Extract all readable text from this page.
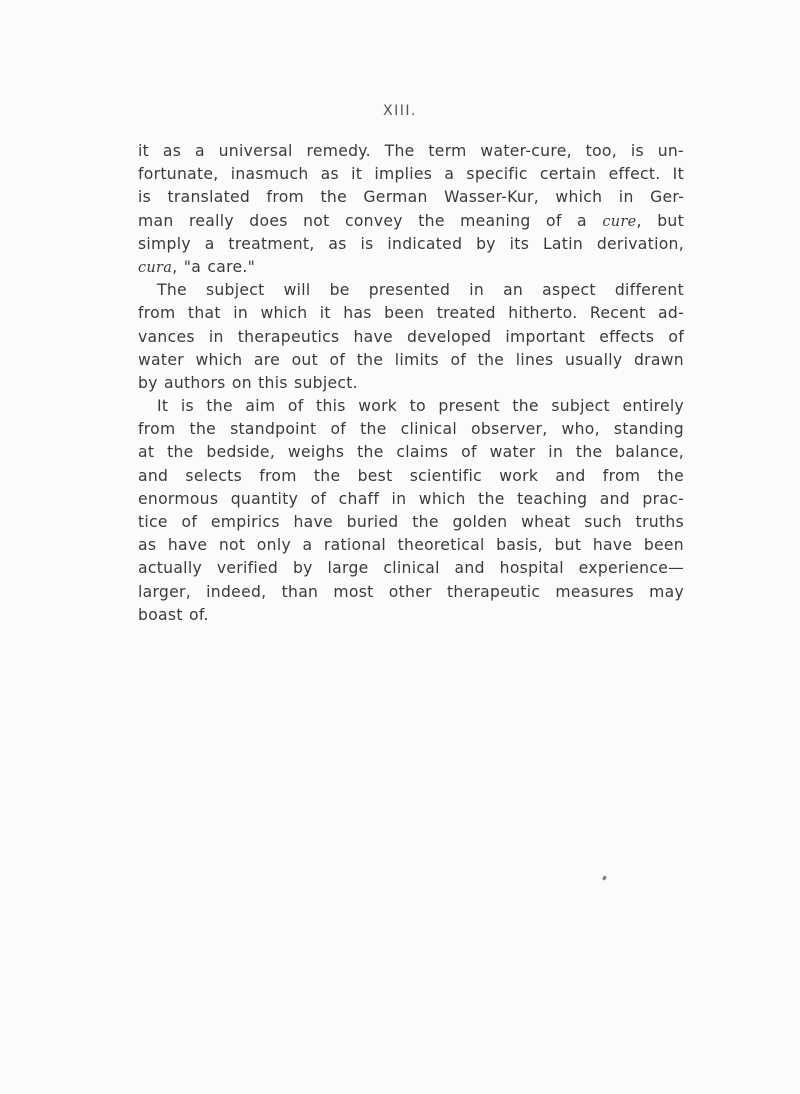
XIII.
it as a universal remedy. The term water-cure, too, is un-
fortunate, inasmuch as it implies a specific certain effect. It
is translated from the German Wasser-Kur, which in Ger-
man really does not convey the meaning of a cure, but
simply a treatment, as is indicated by its Latin derivation,
cura, "a care."
The subject will be presented in an aspect different
from that in which it has been treated hitherto. Recent ad-
vances in therapeutics have developed important effects of
water which are out of the limits of the lines usually drawn
by authors on this subject.
It is the aim of this work to present the subject entirely
from the standpoint of the clinical observer, who, standing
at the bedside, weighs the claims of water in the balance,
and selects from the best scientific work and from the
enormous quantity of chaff in which the teaching and prac-
tice of empirics have buried the golden wheat such truths
as have not only a rational theoretical basis, but have been
actually verified by large clinical and hospital experience—
larger, indeed, than most other therapeutic measures may
boast of.
